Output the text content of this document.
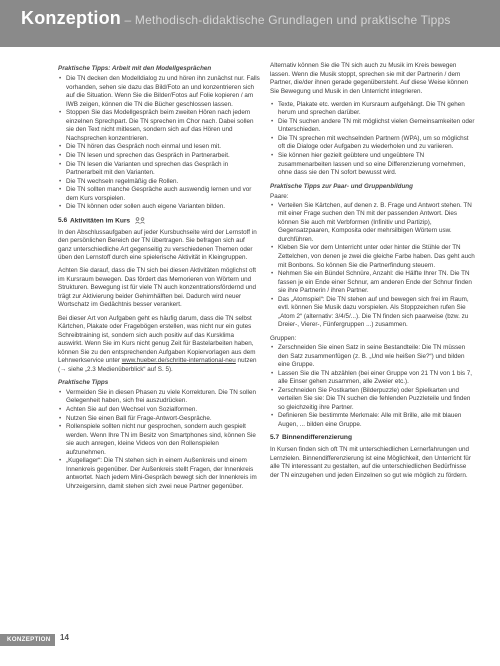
Konzeption – Methodisch-didaktische Grundlagen und praktische Tipps

Praktische Tipps: Arbeit mit den Modellgesprächen

• Die TN decken den Modelldialog zu und hören ihn zunächst nur. Falls vorhanden, sehen sie dazu das Bild/Foto an und konzentrieren sich auf die Situation. Wenn Sie die Bilder/Fotos auf Folie kopieren / am IWB zeigen, können die TN die Bücher geschlossen lassen.
• Stoppen Sie das Modellgespräch beim zweiten Hören nach jedem einzelnen Sprechpart. Die TN sprechen im Chor nach. Dabei sollen sie den Text nicht mitlesen, sondern sich auf das Hören und Nachsprechen konzentrieren.
• Die TN hören das Gespräch noch einmal und lesen mit.
• Die TN lesen und sprechen das Gespräch in Partnerarbeit.
• Die TN lesen die Varianten und sprechen das Gespräch in Partnerarbeit mit den Varianten.
• Die TN wechseln regelmäßig die Rollen.
• Die TN sollten manche Gespräche auch auswendig lernen und vor dem Kurs vorspielen.
• Die TN können oder sollen auch eigene Varianten bilden.
5.6 Aktivitäten im Kurs

In den Abschlussaufgaben auf jeder Kursbuchseite wird der Lernstoff in den persönlichen Bereich der TN übertragen. Sie befragen sich auf ganz unterschiedliche Art gegenseitig zu verschiedenen Themen oder üben den Lernstoff durch eine spielerische Aktivität in Kleingruppen.

Achten Sie darauf, dass die TN sich bei diesen Aktivitäten möglichst oft im Kursraum bewegen. Das fördert das Memorieren von Wörtern und Strukturen. Bewegung ist für viele TN auch konzentrationsfördernd und trägt zur Aktivierung beider Gehirnhälften bei. Dadurch wird neuer Wortschatz im Gedächtnis besser verankert.

Bei dieser Art von Aufgaben geht es häufig darum, dass die TN selbst Kärtchen, Plakate oder Fragebögen erstellen, was nicht nur ein gutes Schreibtraining ist, sondern sich auch positiv auf das Kursklima auswirkt. Wenn Sie im Kurs nicht genug Zeit für Bastelarbeiten haben, können Sie zu den entsprechenden Aufgaben Kopiervorlagen aus dem Lehrwerkservice unter www.hueber.de/schritte-international-neu nutzen (→ siehe „2.3 Medienüberblick“ auf S. 5).

Praktische Tipps

• Vermeiden Sie in diesen Phasen zu viele Korrekturen. Die TN sollen Gelegenheit haben, sich frei auszudrücken.
• Achten Sie auf den Wechsel von Sozialformen.
• Nutzen Sie einen Ball für Frage-Antwort-Gespräche.
• Rollenspiele sollten nicht nur gesprochen, sondern auch gespielt werden. Wenn Ihre TN im Besitz von Smartphones sind, können Sie sie auch anregen, kleine Videos von den Rollenspielen aufzunehmen.
• „Kugellager“: Die TN stehen sich in einem Außenkreis und einem Innenkreis gegenüber. Der Außenkreis stellt Fragen, der Innenkreis antwortet. Nach jedem Mini-Gespräch bewegt sich der Innenkreis im Uhrzeigersinn, damit stehen sich zwei neue Partner gegenüber.

Alternativ können Sie die TN sich auch zu Musik im Kreis bewegen lassen. Wenn die Musik stoppt, sprechen sie mit der Partnerin / dem Partner, die/der ihnen gerade gegenübersteht. Auf diese Weise können Sie Bewegung und Musik in den Unterricht integrieren.

• Texte, Plakate etc. werden im Kursraum aufgehängt. Die TN gehen herum und sprechen darüber.
• Die TN suchen andere TN mit möglichst vielen Gemeinsamkeiten oder Unterschieden.
• Die TN sprechen mit wechselnden Partnern (WPA), um so möglichst oft die Dialoge oder Aufgaben zu wiederholen und zu variieren.
• Sie können hier gezielt geübtere und ungeübtere TN zusammenarbeiten lassen und so eine Differenzierung vornehmen, ohne dass sie den TN sofort bewusst wird.

Praktische Tipps zur Paar- und Gruppenbildung

Paare:

• Verteilen Sie Kärtchen, auf denen z. B. Frage und Antwort stehen. TN mit einer Frage suchen den TN mit der passenden Antwort. Dies können Sie auch mit Verbformen (Infinitiv und Partizip), Gegensatzpaaren, Komposita oder mehrsilbigen Wörtern usw. durchführen.
• Kleben Sie vor dem Unterricht unter oder hinter die Stühle der TN Zettelchen, von denen je zwei die gleiche Farbe haben. Das geht auch mit Bonbons. So können Sie die Partnerfindung steuern.
• Nehmen Sie ein Bündel Schnüre, Anzahl: die Hälfte Ihrer TN. Die TN fassen je ein Ende einer Schnur, am anderen Ende der Schnur finden sie ihre Partnerin / ihren Partner.
• Das „Atomspiel“: Die TN stehen auf und bewegen sich frei im Raum, evtl. können Sie Musik dazu vorspielen. Als Stoppzeichen rufen Sie „Atom 2“ (alternativ: 3/4/5/...). Die TN finden sich paarweise (bzw. zu Dreier-, Vierer-, Fünfergruppen ...) zusammen.

Gruppen:

• Zerschneiden Sie einen Satz in seine Bestandteile: Die TN müssen den Satz zusammenfügen (z. B. „Und wie heißen Sie?“) und bilden eine Gruppe.
• Lassen Sie die TN abzählen (bei einer Gruppe von 21 TN von 1 bis 7, alle Einser gehen zusammen, alle Zweier etc.).
• Zerschneiden Sie Postkarten (Bilderpuzzle) oder Spielkarten und verteilen Sie sie: Die TN suchen die fehlenden Puzzleteile und finden so gleichzeitig ihre Partner.
• Definieren Sie bestimmte Merkmale: Alle mit Brille, alle mit blauen Augen, ... bilden eine Gruppe.
5.7 Binnendifferenzierung

In Kursen finden sich oft TN mit unterschiedlichen Lernerfahrungen und Lernzielen. Binnendifferenzierung ist eine Möglichkeit, den Unterricht für alle TN interessant zu gestalten, auf die unterschiedlichen Bedürfnisse der TN einzugehen und jeden Einzelnen so gut wie möglich zu fördern.

KONZEPTION	14
